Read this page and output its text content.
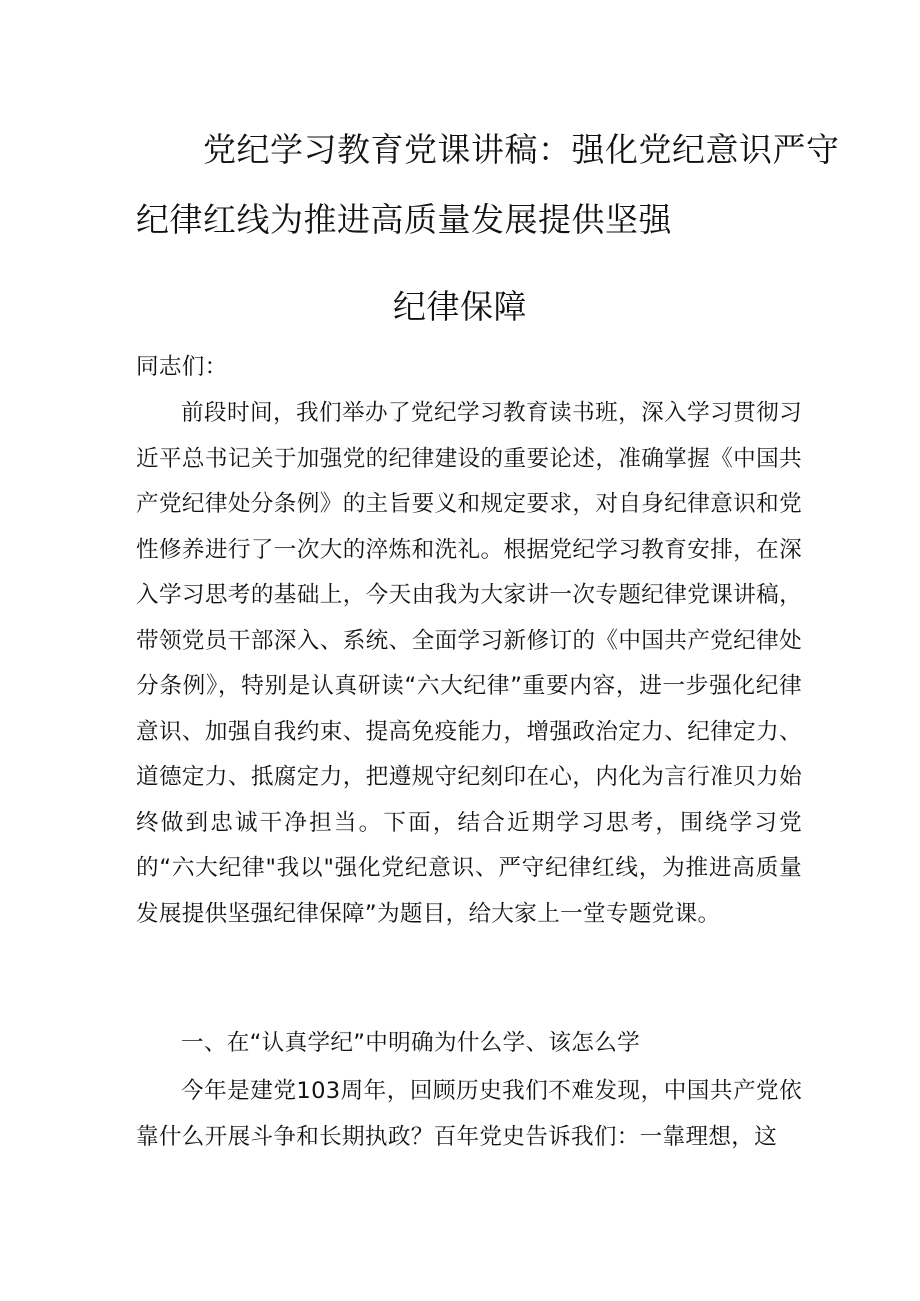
党纪学习教育党课讲稿：强化党纪意识严守
纪律红线为推进高质量发展提供坚强
纪律保障
同志们：
前段时间，我们举办了党纪学习教育读书班，深入学习贯彻习近平总书记关于加强党的纪律建设的重要论述，准确掌握《中国共产党纪律处分条例》的主旨要义和规定要求，对自身纪律意识和党性修养进行了一次大的淬炼和洗礼。根据党纪学习教育安排，在深入学习思考的基础上，今天由我为大家讲一次专题纪律党课讲稿，带领党员干部深入、系统、全面学习新修订的《中国共产党纪律处分条例》，特别是认真研读“六大纪律”重要内容，进一步强化纪律意识、加强自我约束、提高免疫能力，增强政治定力、纪律定力、道德定力、抵腐定力，把遵规守纪刻印在心，内化为言行准贝力始终做到忠诚干净担当。下面，结合近期学习思考，围绕学习党的“六大纪律"我以"强化党纪意识、严守纪律红线，为推进高质量发展提供坚强纪律保障”为题目，给大家上一堂专题党课。
一、在“认真学纪”中明确为什么学、该怎么学
今年是建党103周年，回顾历史我们不难发现，中国共产党依靠什么开展斗争和长期执政？百年党史告诉我们：一靠理想，这
